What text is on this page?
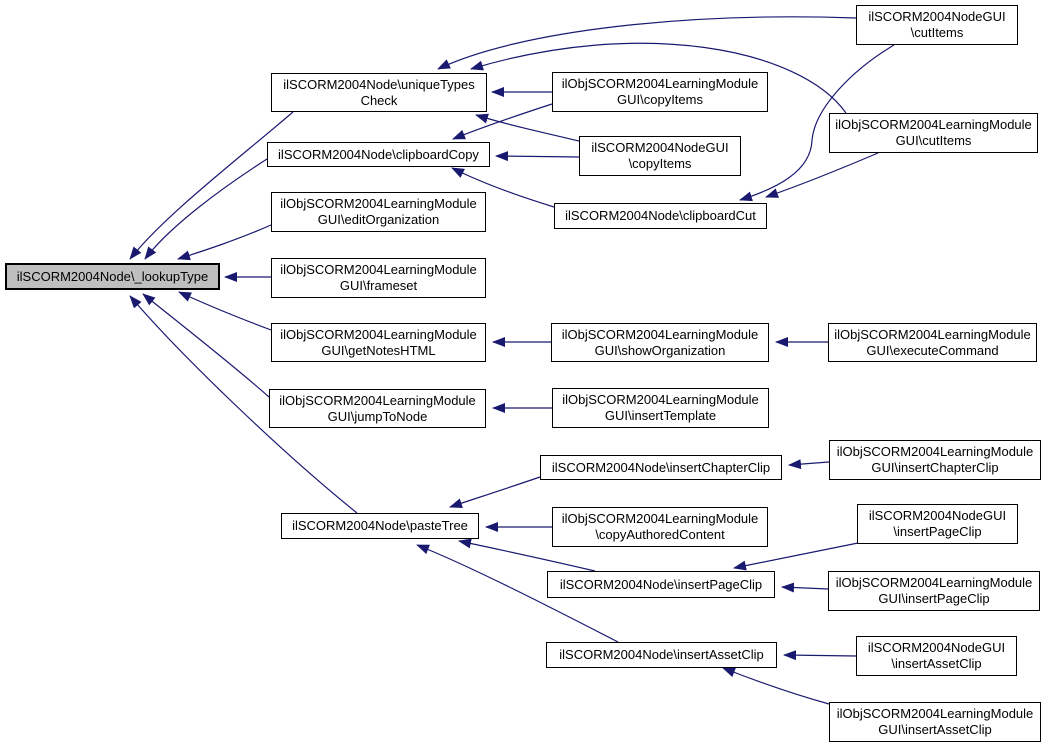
ilSCORM2004Node\_lookupType
ilSCORM2004Node\uniqueTypes
Check
ilSCORM2004Node\clipboardCopy
ilObjSCORM2004LearningModule
GUI\editOrganization
ilObjSCORM2004LearningModule
GUI\frameset
ilObjSCORM2004LearningModule
GUI\getNotesHTML
ilObjSCORM2004LearningModule
GUI\jumpToNode
ilSCORM2004Node\pasteTree
ilObjSCORM2004LearningModule
GUI\copyItems
ilSCORM2004NodeGUI
\copyItems
ilSCORM2004Node\clipboardCut
ilObjSCORM2004LearningModule
GUI\showOrganization
ilObjSCORM2004LearningModule
GUI\insertTemplate
ilSCORM2004Node\insertChapterClip
ilObjSCORM2004LearningModule
\copyAuthoredContent
ilSCORM2004Node\insertPageClip
ilSCORM2004Node\insertAssetClip
ilSCORM2004NodeGUI
\cutItems
ilObjSCORM2004LearningModule
GUI\cutItems
ilObjSCORM2004LearningModule
GUI\executeCommand
ilObjSCORM2004LearningModule
GUI\insertChapterClip
ilSCORM2004NodeGUI
\insertPageClip
ilObjSCORM2004LearningModule
GUI\insertPageClip
ilSCORM2004NodeGUI
\insertAssetClip
ilObjSCORM2004LearningModule
GUI\insertAssetClip
